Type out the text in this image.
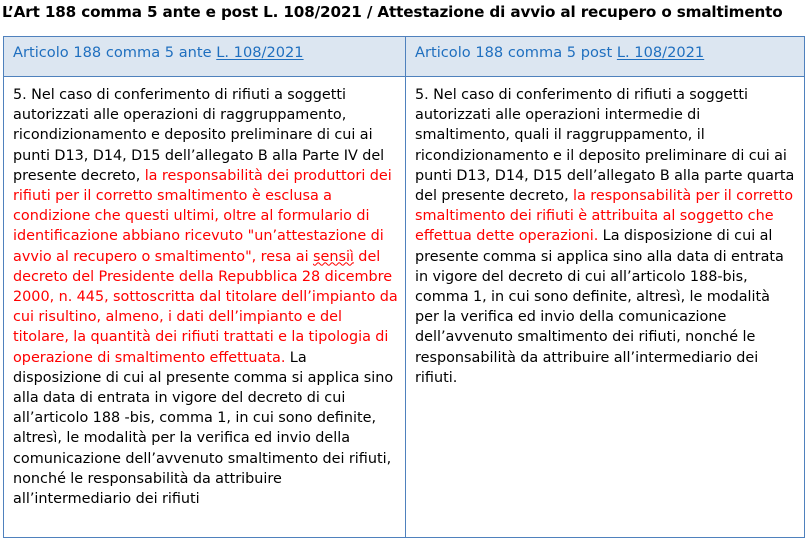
L’Art 188 comma 5 ante e post L. 108/2021 / Attestazione di avvio al recupero o smaltimento
Articolo 188 comma 5 ante L. 108/2021	Articolo 188 comma 5 post L. 108/2021

5. Nel caso di conferimento di rifiuti a soggetti autorizzati alle operazioni di raggruppamento, ricondizionamento e deposito preliminare di cui ai punti D13, D14, D15 dell’allegato B alla Parte IV del presente decreto, la responsabilità dei produttori dei rifiuti per il corretto smaltimento è esclusa a condizione che questi ultimi, oltre al formulario di identificazione abbiano ricevuto "un’attestazione di avvio al recupero o smaltimento", resa ai sensiì del decreto del Presidente della Repubblica 28 dicembre 2000, n. 445, sottoscritta dal titolare dell’impianto da cui risultino, almeno, i dati dell’impianto e del titolare, la quantità dei rifiuti trattati e la tipologia di operazione di smaltimento effettuata. La disposizione di cui al presente comma si applica sino alla data di entrata in vigore del decreto di cui all’articolo 188 -bis, comma 1, in cui sono definite, altresì, le modalità per la verifica ed invio della comunicazione dell’avvenuto smaltimento dei rifiuti, nonché le responsabilità da attribuire all’intermediario dei rifiuti

5. Nel caso di conferimento di rifiuti a soggetti autorizzati alle operazioni intermedie di smaltimento, quali il raggruppamento, il ricondizionamento e il deposito preliminare di cui ai punti D13, D14, D15 dell’allegato B alla parte quarta del presente decreto, la responsabilità per il corretto smaltimento dei rifiuti è attribuita al soggetto che effettua dette operazioni. La disposizione di cui al presente comma si applica sino alla data di entrata in vigore del decreto di cui all’articolo 188-bis, comma 1, in cui sono definite, altresì, le modalità per la verifica ed invio della comunicazione dell’avvenuto smaltimento dei rifiuti, nonché le responsabilità da attribuire all’intermediario dei rifiuti.
